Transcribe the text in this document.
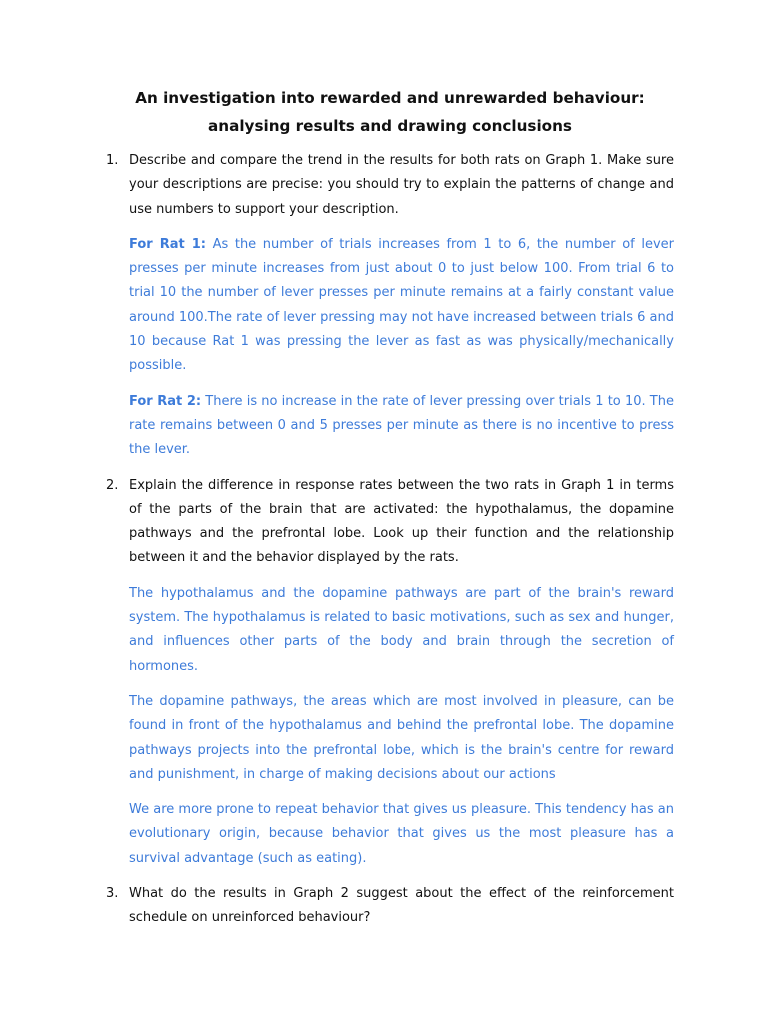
An investigation into rewarded and unrewarded behaviour:
analysing results and drawing conclusions
1. Describe and compare the trend in the results for both rats on Graph 1. Make sure your descriptions are precise: you should try to explain the patterns of change and use numbers to support your description.

For Rat 1: As the number of trials increases from 1 to 6, the number of lever presses per minute increases from just about 0 to just below 100. From trial 6 to trial 10 the number of lever presses per minute remains at a fairly constant value around 100.The rate of lever pressing may not have increased between trials 6 and 10 because Rat 1 was pressing the lever as fast as was physically/mechanically possible.

For Rat 2: There is no increase in the rate of lever pressing over trials 1 to 10. The rate remains between 0 and 5 presses per minute as there is no incentive to press the lever.

2. Explain the difference in response rates between the two rats in Graph 1 in terms of the parts of the brain that are activated: the hypothalamus, the dopamine pathways and the prefrontal lobe. Look up their function and the relationship between it and the behavior displayed by the rats.

The hypothalamus and the dopamine pathways are part of the brain's reward system. The hypothalamus is related to basic motivations, such as sex and hunger, and influences other parts of the body and brain through the secretion of hormones.

The dopamine pathways, the areas which are most involved in pleasure, can be found in front of the hypothalamus and behind the prefrontal lobe. The dopamine pathways projects into the prefrontal lobe, which is the brain's centre for reward and punishment, in charge of making decisions about our actions

We are more prone to repeat behavior that gives us pleasure. This tendency has an evolutionary origin, because behavior that gives us the most pleasure has a survival advantage (such as eating).

3. What do the results in Graph 2 suggest about the effect of the reinforcement schedule on unreinforced behaviour?
